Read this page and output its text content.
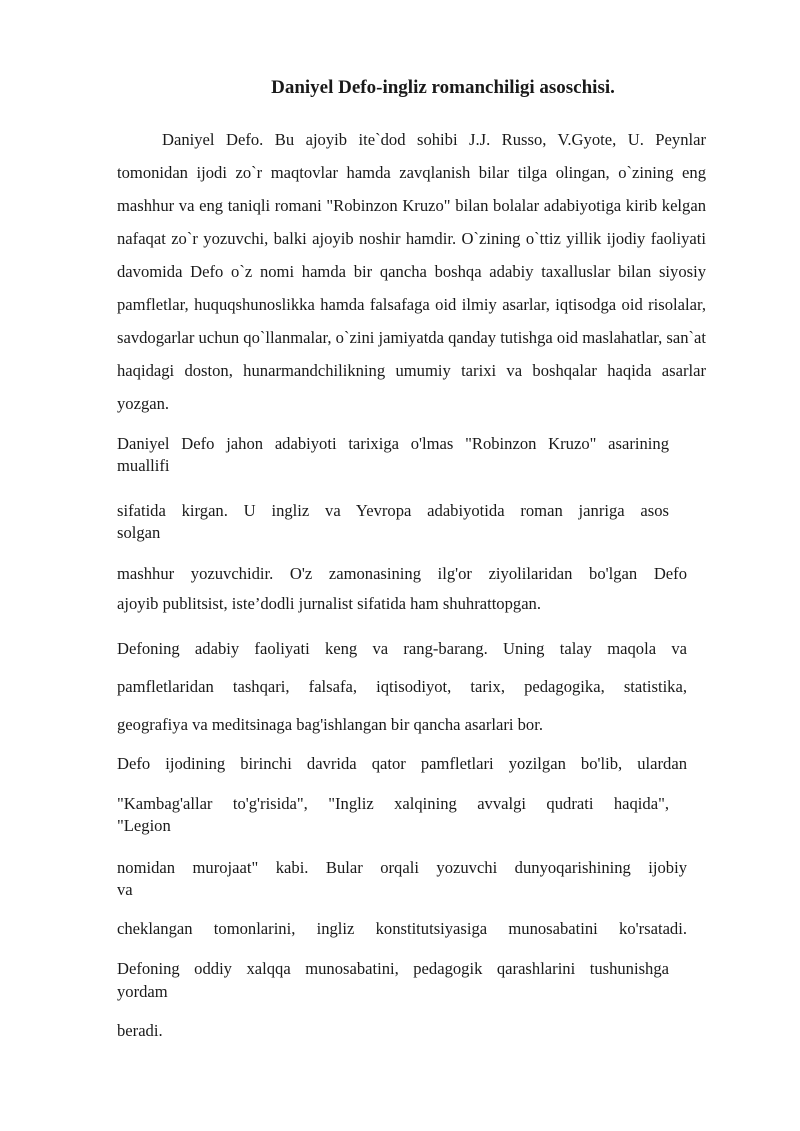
Daniyel Defo-ingliz romanchiligi asoschisi.

Daniyel Defo. Bu ajoyib ite`dod sohibi J.J. Russo, V.Gyote, U. Peynlar tomonidan ijodi zo`r maqtovlar hamda zavqlanish bilar tilga olingan, o`zining eng mashhur va eng taniqli romani "Robinzon Kruzo" bilan bolalar adabiyotiga kirib kelgan nafaqat zo`r yozuvchi, balki ajoyib noshir hamdir. O`zining o`ttiz yillik ijodiy faoliyati davomida Defo o`z nomi hamda bir qancha boshqa adabiy taxalluslar bilan siyosiy pamfletlar, huquqshunoslikka hamda falsafaga oid ilmiy asarlar, iqtisodga oid risolalar, savdogarlar uchun qo`llanmalar, o`zini jamiyatda qanday tutishga oid maslahatlar, san`at haqidagi doston, hunarmandchilikning umumiy tarixi va boshqalar haqida asarlar yozgan.

Daniyel Defo jahon adabiyoti tarixiga o'lmas "Robinzon Kruzo" asarining
muallifi
sifatida kirgan. U ingliz va Yevropa adabiyotida roman janriga asos
solgan
mashhur yozuvchidir. O'z zamonasining ilg'or ziyolilaridan bo'lgan Defo
ajoyib publitsist, iste’dodli jurnalist sifatida ham shuhrattopgan.
Defoning adabiy faoliyati keng va rang-barang. Uning talay maqola va
pamfletlaridan tashqari, falsafa, iqtisodiyot, tarix, pedagogika, statistika,
geografiya va meditsinaga bag'ishlangan bir qancha asarlari bor.
Defo ijodining birinchi davrida qator pamfletlari yozilgan bo'lib, ulardan
"Kambag'allar to'g'risida", "Ingliz xalqining avvalgi qudrati haqida",
"Legion
nomidan murojaat" kabi. Bular orqali yozuvchi dunyoqarishining ijobiy
va
cheklangan tomonlarini, ingliz konstitutsiyasiga munosabatini ko'rsatadi.
Defoning oddiy xalqqa munosabatini, pedagogik qarashlarini tushunishga
yordam
beradi.
